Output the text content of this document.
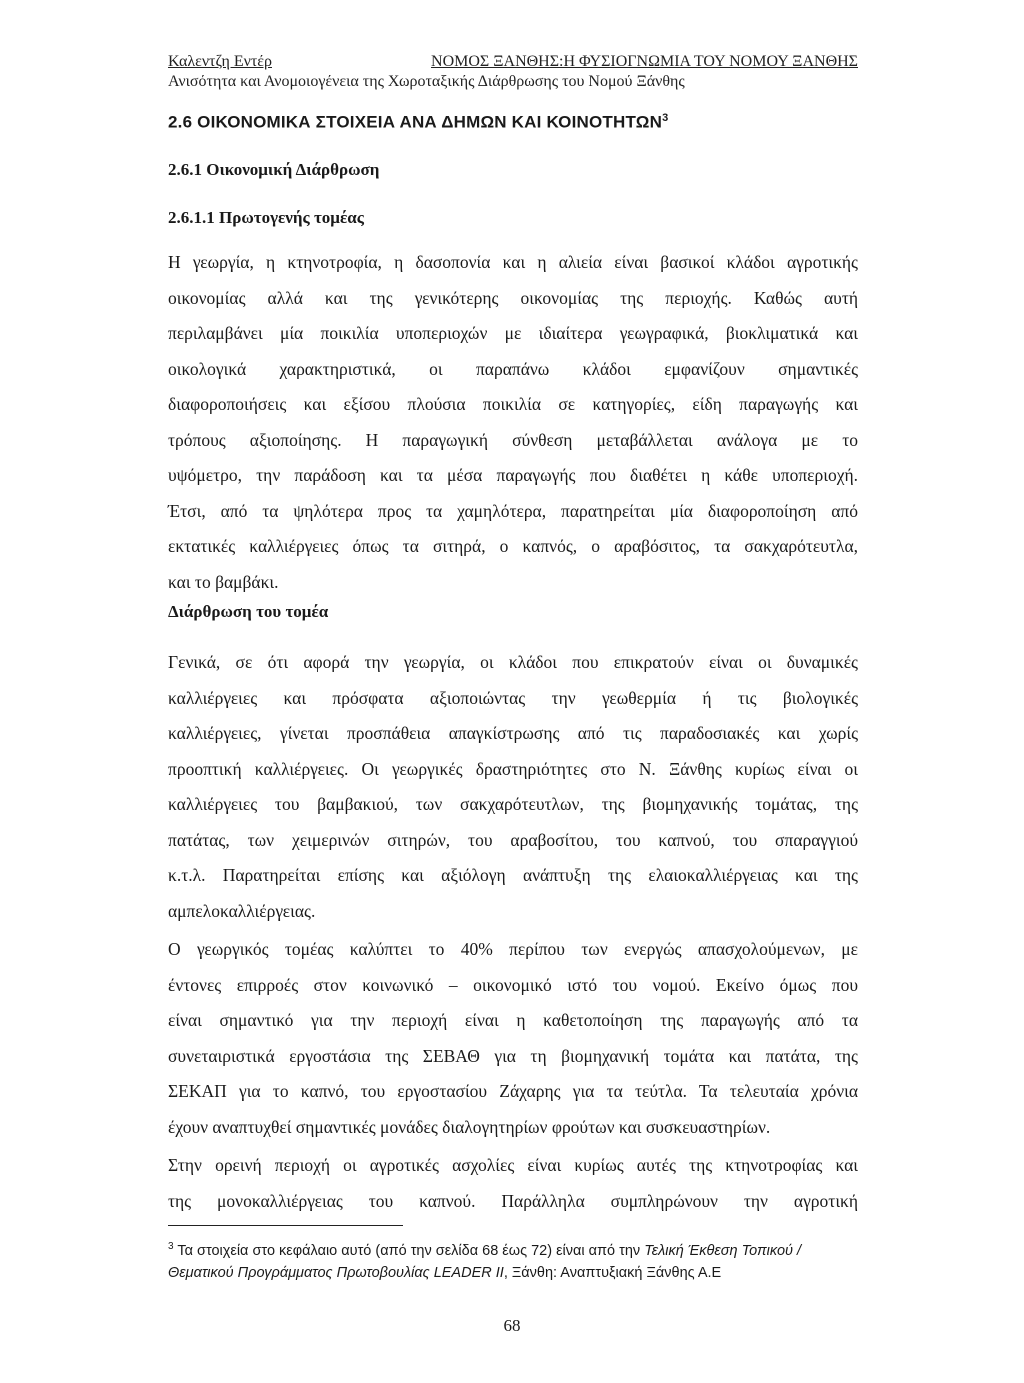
Καλεντζη Εντέρ	ΝΟΜΟΣ ΞΑΝΘΗΣ:Η ΦΥΣΙΟΓΝΩΜΙΑ ΤΟΥ ΝΟΜΟΥ ΞΑΝΘΗΣ
Ανισότητα και Ανομοιογένεια της Χωροταξικής Διάρθρωσης του Νομού Ξάνθης
2.6 ΟΙΚΟΝΟΜΙΚΑ ΣΤΟΙΧΕΙΑ ΑΝΑ ΔΗΜΩΝ ΚΑΙ ΚΟΙΝΟΤΗΤΩΝ$^3$
2.6.1 Οικονομική Διάρθρωση
2.6.1.1 Πρωτογενής τομέας

Η γεωργία, η κτηνοτροφία, η δασοπονία και η αλιεία είναι βασικοί κλάδοι αγροτικής

οικονομίας αλλά και της γενικότερης οικονομίας της περιοχής. Καθώς αυτή

περιλαμβάνει μία ποικιλία υποπεριοχών με ιδιαίτερα γεωγραφικά, βιοκλιματικά και

οικολογικά χαρακτηριστικά, οι παραπάνω κλάδοι εμφανίζουν σημαντικές

διαφοροποιήσεις και εξίσου πλούσια ποικιλία σε κατηγορίες, είδη παραγωγής και

τρόπους αξιοποίησης. Η παραγωγική σύνθεση μεταβάλλεται ανάλογα με το

υψόμετρο, την παράδοση και τα μέσα παραγωγής που διαθέτει η κάθε υποπεριοχή.

Έτσι, από τα ψηλότερα προς τα χαμηλότερα, παρατηρείται μία διαφοροποίηση από

εκτατικές καλλιέργειες όπως τα σιτηρά, ο καπνός, ο αραβόσιτος, τα σακχαρότευτλα,

και το βαμβάκι.

Διάρθρωση του τομέα

Γενικά, σε ότι αφορά την γεωργία, οι κλάδοι που επικρατούν είναι οι δυναμικές

καλλιέργειες και πρόσφατα αξιοποιώντας την γεωθερμία ή τις βιολογικές

καλλιέργειες, γίνεται προσπάθεια απαγκίστρωσης από τις παραδοσιακές και χωρίς

προοπτική καλλιέργειες. Οι γεωργικές δραστηριότητες στο Ν. Ξάνθης κυρίως είναι οι

καλλιέργειες του βαμβακιού, των σακχαρότευτλων, της βιομηχανικής τομάτας, της

πατάτας, των χειμερινών σιτηρών, του αραβοσίτου, του καπνού, του σπαραγγιού

κ.τ.λ. Παρατηρείται επίσης και αξιόλογη ανάπτυξη της ελαιοκαλλιέργειας και της

αμπελοκαλλιέργειας.

Ο γεωργικός τομέας καλύπτει το 40% περίπου των ενεργώς απασχολούμενων, με

έντονες επιρροές στον κοινωνικό – οικονομικό ιστό του νομού. Εκείνο όμως που

είναι σημαντικό για την περιοχή είναι η καθετοποίηση της παραγωγής από τα

συνεταιριστικά εργοστάσια της ΣΕΒΑΘ για τη βιομηχανική τομάτα και πατάτα, της

ΣΕΚΑΠ για το καπνό, του εργοστασίου Ζάχαρης για τα τεύτλα. Τα τελευταία χρόνια

έχουν αναπτυχθεί σημαντικές μονάδες διαλογητηρίων φρούτων και συσκευαστηρίων.

Στην ορεινή περιοχή οι αγροτικές ασχολίες είναι κυρίως αυτές της κτηνοτροφίας και

της μονοκαλλιέργειας του καπνού. Παράλληλα συμπληρώνουν την αγροτική

$^3$ Τα στοιχεία στο κεφάλαιο αυτό (από την σελίδα 68 έως 72) είναι από την Τελική Έκθεση Τοπικού /
Θεματικού Προγράμματος Πρωτοβουλίας LEADER II, Ξάνθη: Αναπτυξιακή Ξάνθης Α.Ε
68
